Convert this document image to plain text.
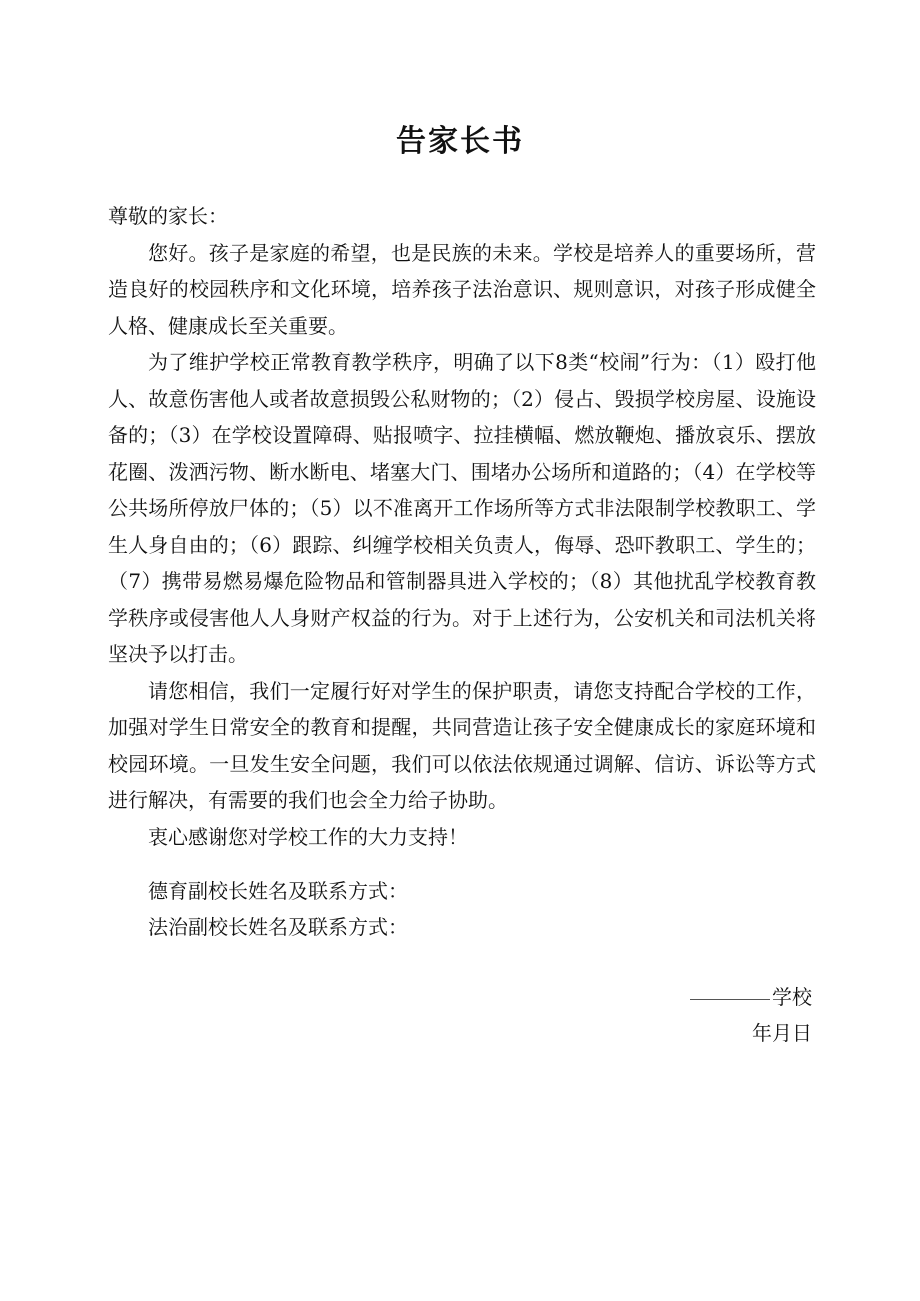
告家长书

尊敬的家长：

您好。孩子是家庭的希望，也是民族的未来。学校是培养人的重要场所，营造良好的校园秩序和文化环境，培养孩子法治意识、规则意识，对孩子形成健全人格、健康成长至关重要。

为了维护学校正常教育教学秩序，明确了以下8类“校闹”行为：（1）殴打他人、故意伤害他人或者故意损毁公私财物的；（2）侵占、毁损学校房屋、设施设备的；（3）在学校设置障碍、贴报喷字、拉挂横幅、燃放鞭炮、播放哀乐、摆放花圈、泼洒污物、断水断电、堵塞大门、围堵办公场所和道路的；（4）在学校等公共场所停放尸体的；（5）以不准离开工作场所等方式非法限制学校教职工、学生人身自由的；（6）跟踪、纠缠学校相关负责人，侮辱、恐吓教职工、学生的；（7）携带易燃易爆危险物品和管制器具进入学校的；（8）其他扰乱学校教育教学秩序或侵害他人人身财产权益的行为。对于上述行为，公安机关和司法机关将坚决予以打击。

请您相信，我们一定履行好对学生的保护职责，请您支持配合学校的工作，加强对学生日常安全的教育和提醒，共同营造让孩子安全健康成长的家庭环境和校园环境。一旦发生安全问题，我们可以依法依规通过调解、信访、诉讼等方式进行解决，有需要的我们也会全力给子协助。

衷心感谢您对学校工作的大力支持！

德育副校长姓名及联系方式：

法治副校长姓名及联系方式：

学校

年月日
